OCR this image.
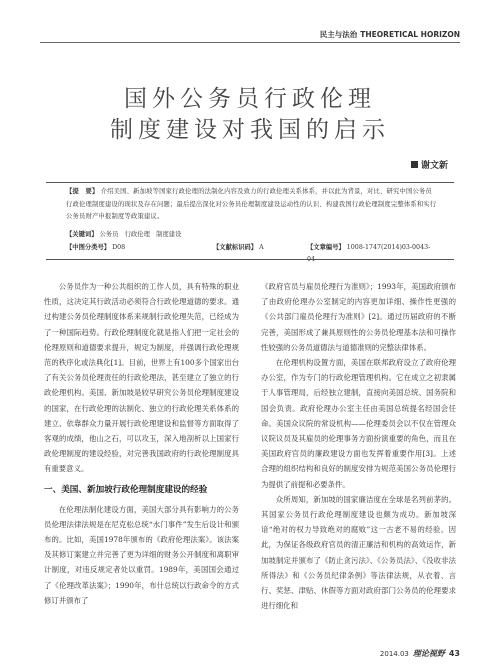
民主与法治 THEORETICAL HORIZON
国外公务员行政伦理
制度建设对我国的启示
谢文新
【提　要】 介绍美国、新加坡等国家行政伦理的法制化内容及致力的行政伦理关系体系，并以此为背景，对比、研究中国公务员行政伦理制度建设的现状及存在问题；最后提出深化对公务员伦理制度建设运动性的认识、构建我国行政伦理制度完整体系和实行公务员财产申报制度等政策建议。
【关键词】 公务员　行政伦理　制度建设
【中图分类号】 D08	【文献标识码】 A	【文章编号】 1008-1747(2014)03-0043-

公务员作为一种公共组织的工作人员，具有特殊的职业性质，这决定其行政活动必须符合行政伦理道德的要求。通过构建公务员伦理制度体系来规制行政伦理失范，已经成为了一种国际趋势。行政伦理制度化就是指人们把一定社会的伦理原则和道德要求提升，规定为制度，并强调行政伦理规范的秩序化或法典化[1]。目前，世界上有100多个国家出台了有关公务员伦理责任的行政伦理法，甚至建立了独立的行政伦理机构。美国、新加坡是较早研究公务员伦理制度建设的国家，在行政伦理的法制化、独立的行政伦理关系体系的建立、依靠群众力量开展行政伦理建设和监督等方面取得了客观的成绩，他山之石，可以攻玉，深入地剖析以上国家行政伦理制度的建设经验，对完善我国政府的行政伦理制度具有重要意义。

一、美国、新加坡行政伦理制度建设的经验

在伦理法制化建设方面，美国大部分具有影响力的公务员伦理法律法规是在尼克松总统“水门事件”发生后设计和颁布的。比如，美国1978年颁布的《政府伦理法案》。该法案及其修订案建立并完善了更为详细的财务公开制度和离职审计制度，对违反规定者处以重罚。1989年，美国国会通过了《伦理改革法案》；1990年，布什总统以行政命令的方式修订并颁布了

《政府官员与雇员伦理行为准则》；1993年，美国政府颁布了由政府伦理办公室制定的内容更加详细、操作性更强的《公共部门雇员伦理行为准则》[2]。通过历届政府的不断完善，美国形成了兼具原则性的公务员伦理基本法和可操作性较强的公务员道德法与道德准则的完整法律体系。

在伦理机构设置方面，美国在联邦政府设立了政府伦理办公室，作为专门的行政伦理管理机构。它在成立之初隶属于人事管理局，后经独立建制，直接向美国总统、国务院和国会负责。政府伦理办公室主任由美国总统提名经国会任命。美国众议院的常设机构——伦理委员会以不仅在管理众议院议员及其雇员的伦理事务方面扮演重要的角色，而且在美国政府官员的廉政建设方面也发挥着重要作用[3]。上述合理的组织结构和良好的制度安排为规范美国公务员伦理行为提供了前提和必要条件。

众所周知，新加坡的国家廉洁度在全球是名列前茅的。其国家公务员行政伦理制度建设也颇为成功。新加坡深谙“绝对的权力导致绝对的腐败”这一古老不易的经验。因此，为保证各级政府官员的清正廉洁和机构的高效运作，新加坡制定并颁布了《防止贪污法》、《公务员法》、《没收非法所得法》和《公务员纪律条例》等法律法规，从衣着、言行、奖惩、津贴、休假等方面对政府部门公务员的伦理要求进行细化和

2014.03 理论视野 43
